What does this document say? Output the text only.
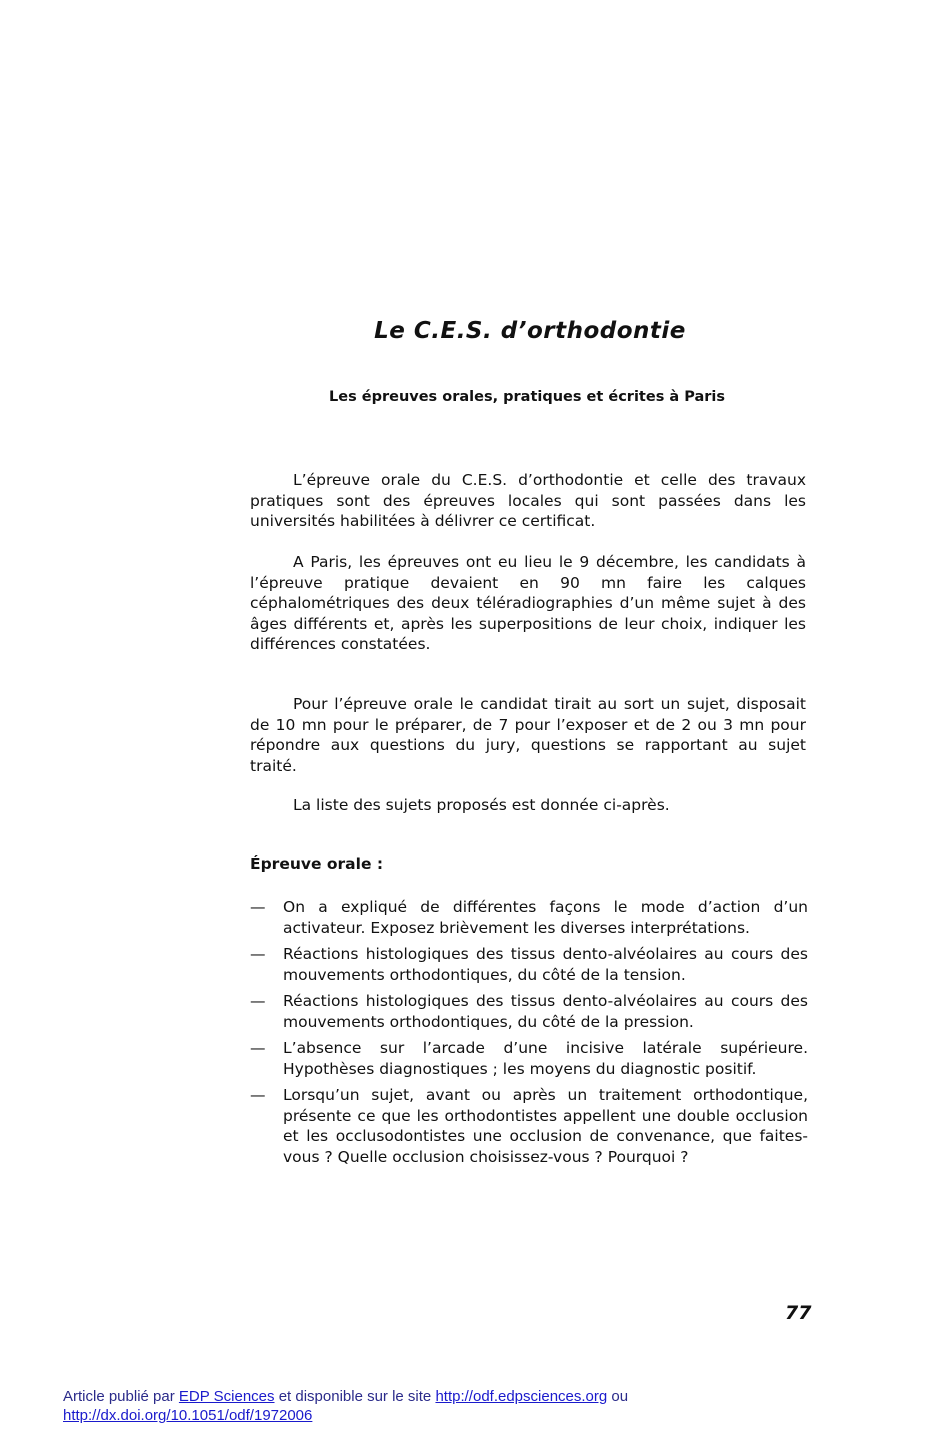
Le C.E.S. d’orthodontie
Les épreuves orales, pratiques et écrites à Paris

L’épreuve orale du C.E.S. d’orthodontie et celle des travaux pratiques sont des épreuves locales qui sont passées dans les universités habilitées à délivrer ce certificat.

A Paris, les épreuves ont eu lieu le 9 décembre, les candidats à l’épreuve pratique devaient en 90 mn faire les calques céphalométriques des deux téléradiographies d’un même sujet à des âges différents et, après les superpositions de leur choix, indiquer les différences constatées.

Pour l’épreuve orale le candidat tirait au sort un sujet, disposait de 10 mn pour le préparer, de 7 pour l’exposer et de 2 ou 3 mn pour répondre aux questions du jury, questions se rapportant au sujet traité.

La liste des sujets proposés est donnée ci-après.

Épreuve orale :
— On a expliqué de différentes façons le mode d’action d’un activateur. Exposez brièvement les diverses interprétations.
— Réactions histologiques des tissus dento-alvéolaires au cours des mouvements orthodontiques, du côté de la tension.
— Réactions histologiques des tissus dento-alvéolaires au cours des mouvements orthodontiques, du côté de la pression.
— L’absence sur l’arcade d’une incisive latérale supérieure. Hypothèses diagnostiques ; les moyens du diagnostic positif.
— Lorsqu’un sujet, avant ou après un traitement orthodontique, présente ce que les orthodontistes appellent une double occlusion et les occlusodontistes une occlusion de convenance, que faites-vous ? Quelle occlusion choisissez-vous ? Pourquoi ?
77
Article publié par EDP Sciences et disponible sur le site http://odf.edpsciences.org ou
http://dx.doi.org/10.1051/odf/1972006
